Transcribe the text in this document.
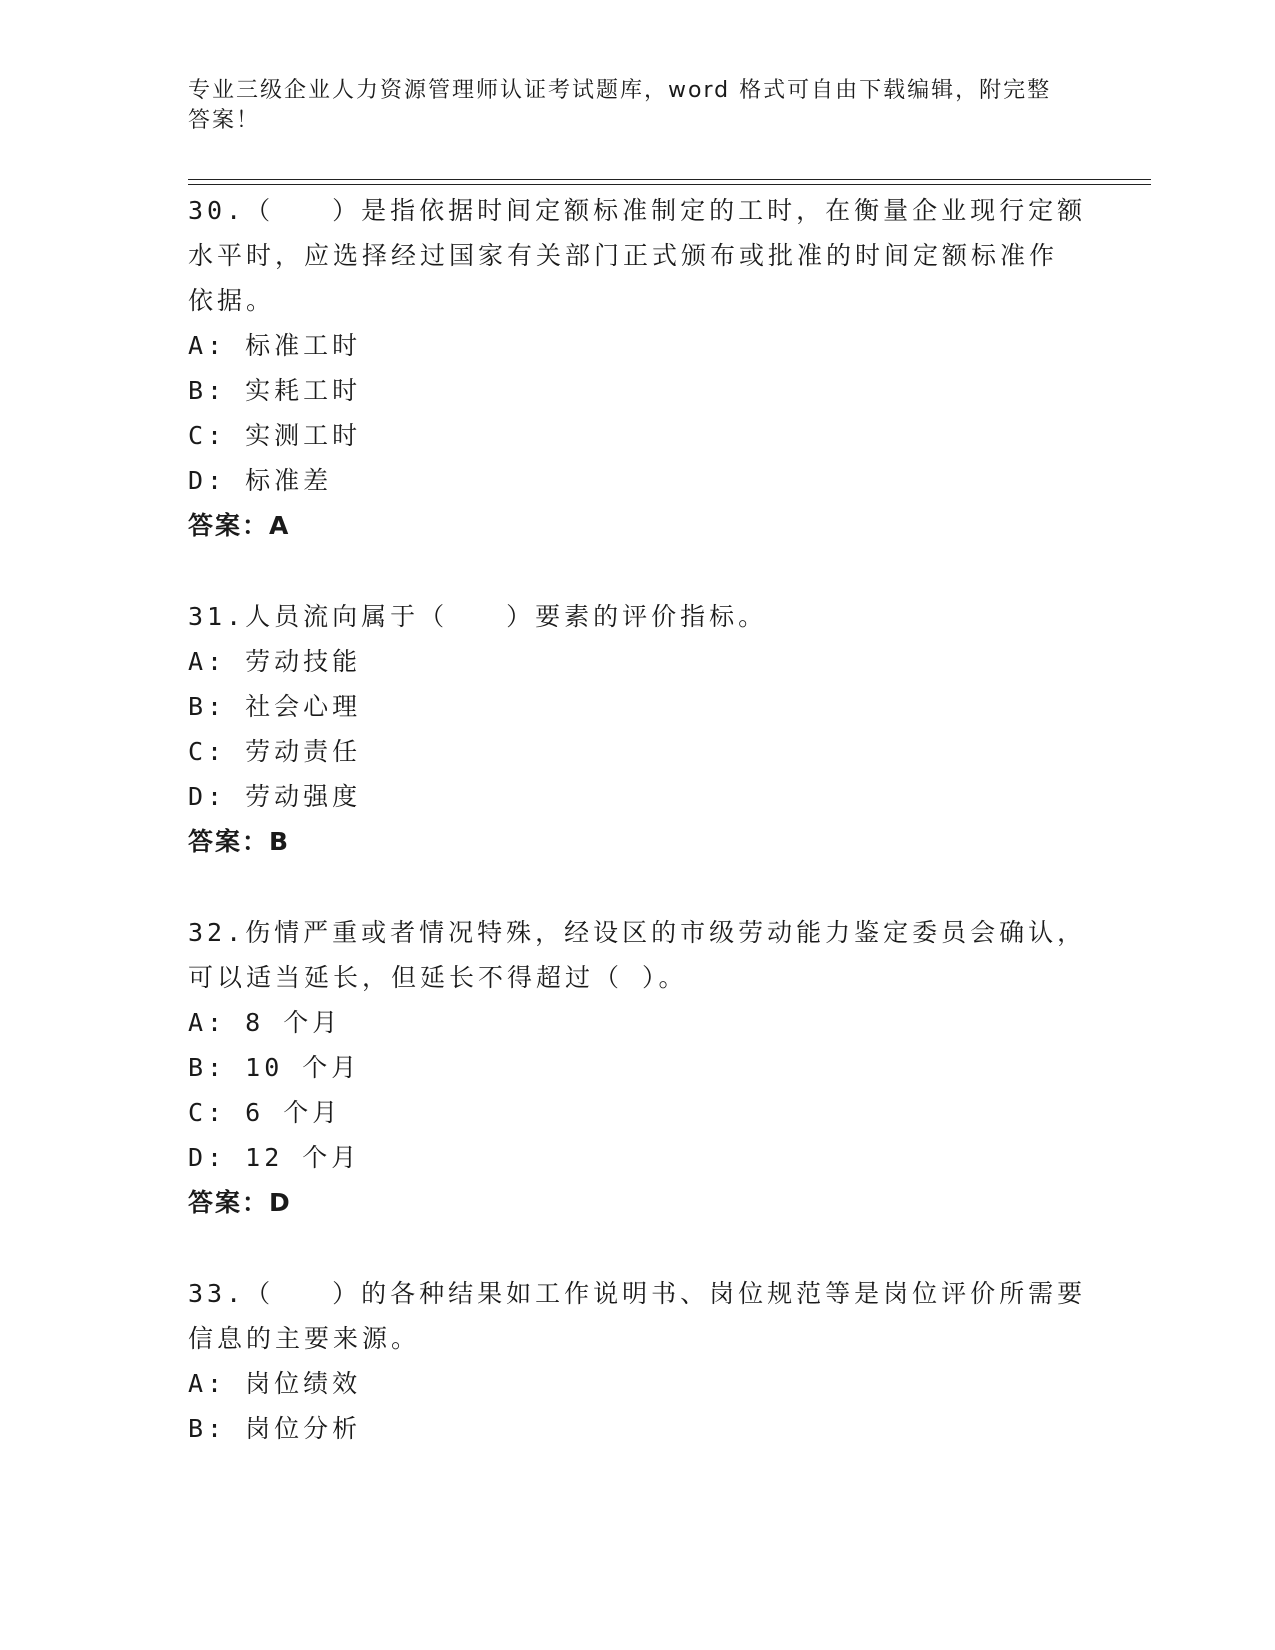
专业三级企业人力资源管理师认证考试题库，word 格式可自由下载编辑，附完整
答案！
30.（　　）是指依据时间定额标准制定的工时，在衡量企业现行定额
水平时，应选择经过国家有关部门正式颁布或批准的时间定额标准作
依据。
A: 标准工时
B: 实耗工时
C: 实测工时
D: 标准差
答案：A
31.人员流向属于（　　）要素的评价指标。
A: 劳动技能
B: 社会心理
C: 劳动责任
D: 劳动强度
答案：B
32.伤情严重或者情况特殊，经设区的市级劳动能力鉴定委员会确认，
可以适当延长，但延长不得超过（ ）。
A: 8 个月
B: 10 个月
C: 6 个月
D: 12 个月
答案：D
33.（　　）的各种结果如工作说明书、岗位规范等是岗位评价所需要
信息的主要来源。
A: 岗位绩效
B: 岗位分析
